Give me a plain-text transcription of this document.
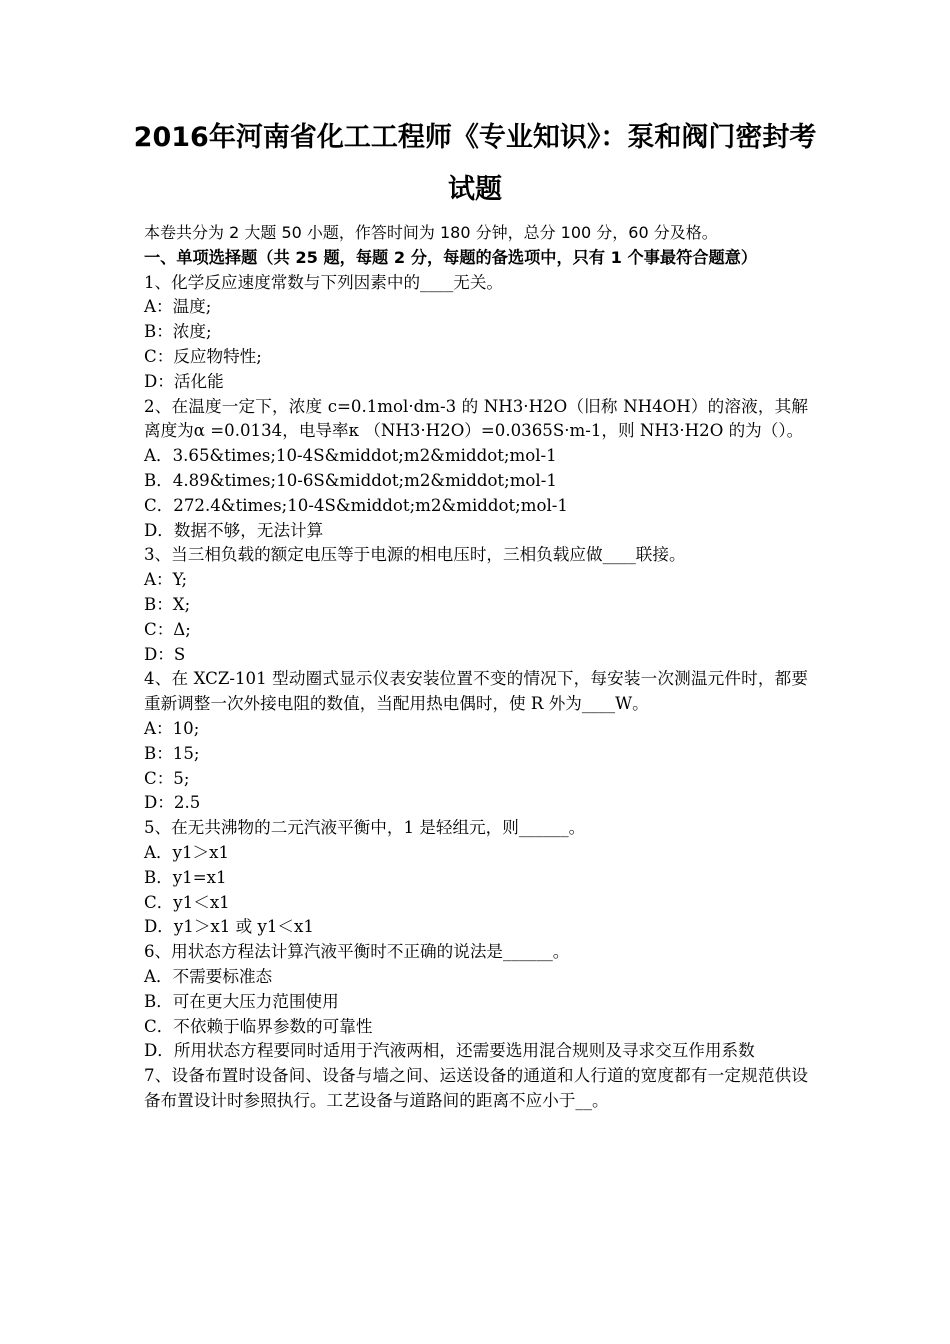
2016年河南省化工工程师《专业知识》：泵和阀门密封考试题
本卷共分为 2 大题 50 小题，作答时间为 180 分钟，总分 100 分，60 分及格。
一、单项选择题（共 25 题，每题 2 分，每题的备选项中，只有 1 个事最符合题意）
1、化学反应速度常数与下列因素中的____无关。
A：温度;
B：浓度;
C：反应物特性;
D：活化能
2、在温度一定下，浓度 c=0.1mol·dm-3 的 NH3·H2O（旧称 NH4OH）的溶液，其解离度为α =0.0134，电导率κ （NH3·H2O）=0.0365S·m-1，则 NH3·H2O 的为（）。
A．3.65&times;10-4S&middot;m2&middot;mol-1
B．4.89&times;10-6S&middot;m2&middot;mol-1
C．272.4&times;10-4S&middot;m2&middot;mol-1
D．数据不够，无法计算
3、当三相负载的额定电压等于电源的相电压时，三相负载应做____联接。
A：Y;
B：X;
C：Δ;
D：S
4、在 XCZ-101 型动圈式显示仪表安装位置不变的情况下，每安装一次测温元件时，都要重新调整一次外接电阻的数值，当配用热电偶时，使 R 外为____W。
A：10;
B：15;
C：5;
D：2.5
5、在无共沸物的二元汽液平衡中，1 是轻组元，则______。
A．y1＞x1
B．y1=x1
C．y1＜x1
D．y1＞x1 或 y1＜x1
6、用状态方程法计算汽液平衡时不正确的说法是______。
A．不需要标准态
B．可在更大压力范围使用
C．不依赖于临界参数的可靠性
D．所用状态方程要同时适用于汽液两相，还需要选用混合规则及寻求交互作用系数
7、设备布置时设备间、设备与墙之间、运送设备的通道和人行道的宽度都有一定规范供设备布置设计时参照执行。工艺设备与道路间的距离不应小于__。
